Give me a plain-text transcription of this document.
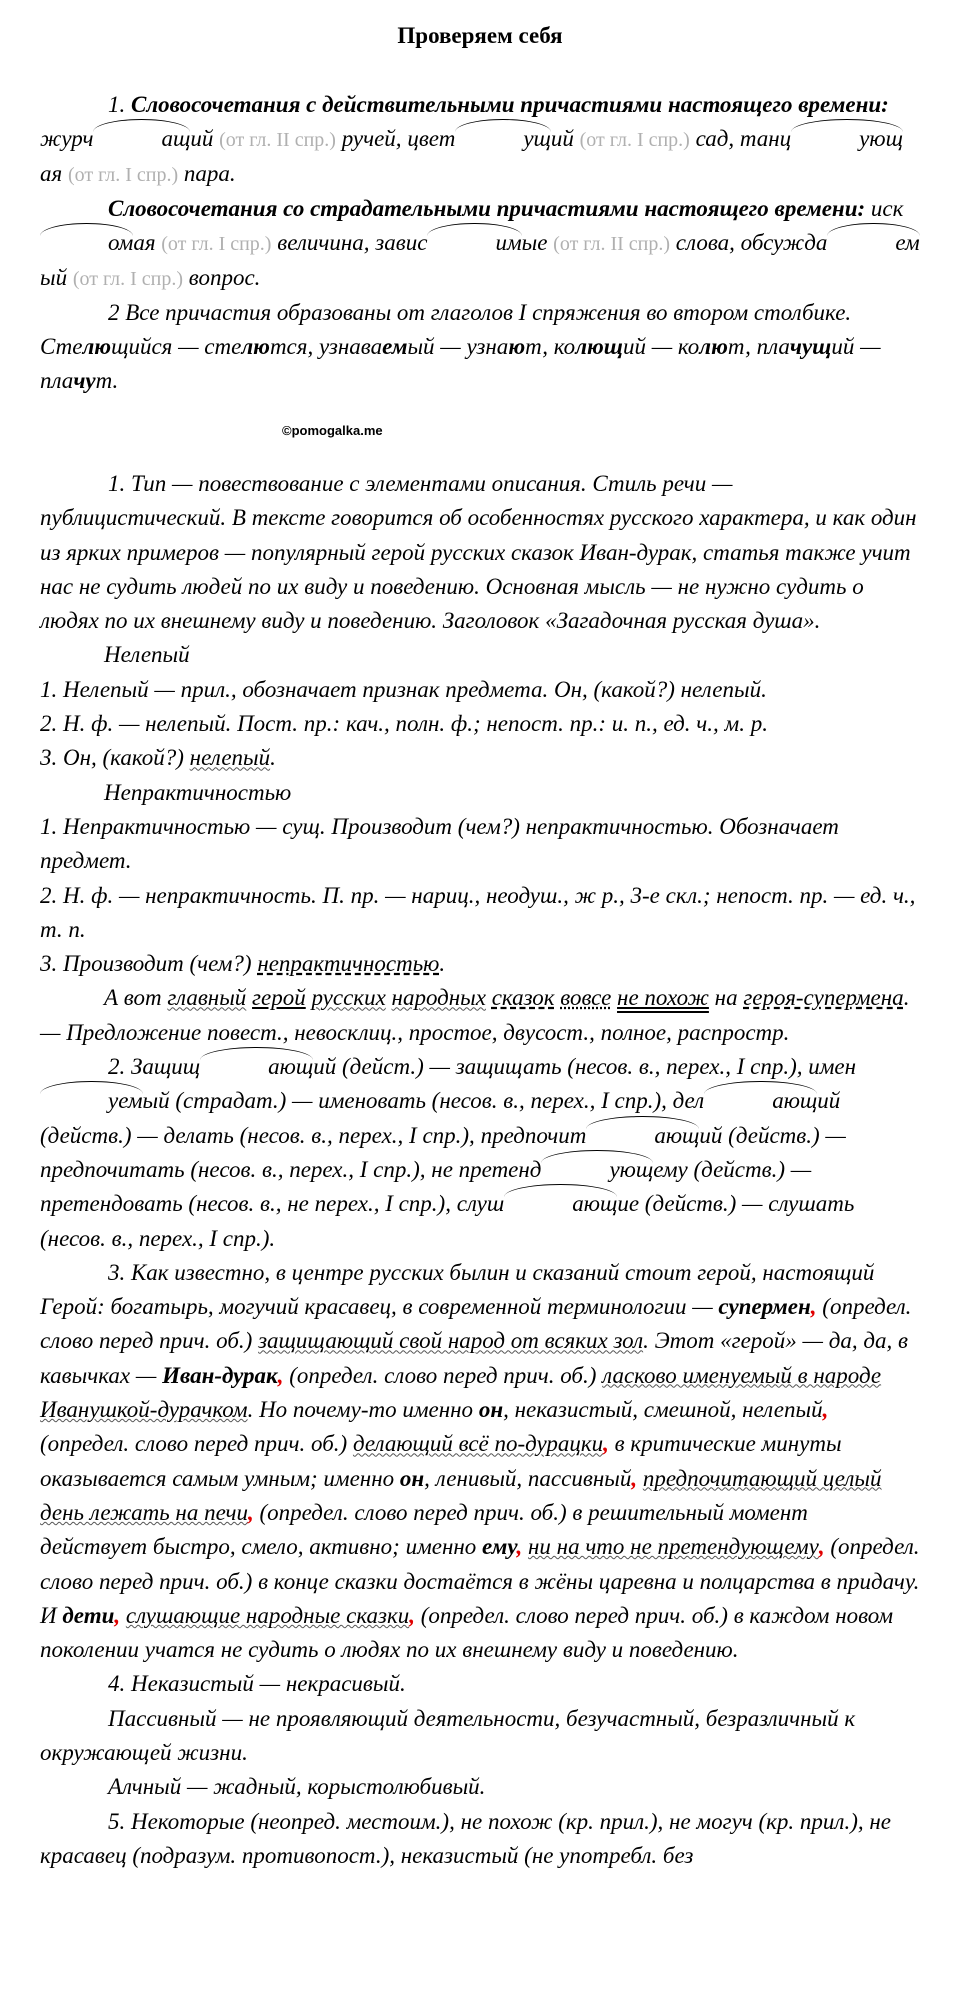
Проверяем себя

1. Словосочетания с действительными причастиями настоящего времени: журч	ащий (от гл. II спр.) ручей, цвет	ущий (от гл. I спр.) сад, танц	ующая (от гл. I спр.) пара.

Словосочетания со страдательными причастиями настоящего времени: искомая (от гл. I спр.) величина, завис	имые (от гл. II спр.) слова, обсужда	емый (от гл. I спр.) вопрос.

2 Все причастия образованы от глаголов I спряжения во втором столбике. Стелющийся — стелются, узнаваемый — узнают, колющий — колют, плачущий — плачут.

©pomogalka.me

1. Тип — повествование с элементами описания. Стиль речи — публицистический. В тексте говорится об особенностях русского характера, и как один из ярких примеров — популярный герой русских сказок Иван-дурак, статья также учит нас не судить людей по их виду и поведению. Основная мысль — не нужно судить о людях по их внешнему виду и поведению. Заголовок «Загадочная русская душа».

Нелепый

1. Нелепый — прил., обозначает признак предмета. Он, (какой?) нелепый.

2. Н. ф. — нелепый. Пост. пр.: кач., полн. ф.; непост. пр.: и. п., ед. ч., м. р.

3. Он, (какой?) нелепый.

Непрактичностью

1. Непрактичностью — сущ. Производит (чем?) непрактичностью. Обозначает предмет.

2. Н. ф. — непрактичность. П. пр. — нариц., неодуш., ж р., 3-е скл.; непост. пр. — ед. ч., т. п.

3. Производит (чем?) непрактичностью.

А вот главный герой русских народных сказок вовсе не похож на героя-супермена. — Предложение повест., невосклиц., простое, двусост., полное, распростр.

2. Защищ	ающий (дейст.) — защищать (несов. в., перех., I спр.), именуемый (страдат.) — именовать (несов. в., перех., I спр.), дел	ающий (действ.) — делать (несов. в., перех., I спр.), предпочит	ающий (действ.) — предпочитать (несов. в., перех., I спр.), не претенд	ующему (действ.) — претендовать (несов. в., не перех., I спр.), слуш	ающие (действ.) — слушать (несов. в., перех., I спр.).

3. Как известно, в центре русских былин и сказаний стоит герой, настоящий Герой: богатырь, могучий красавец, в современной терминологии — супермен, (определ. слово перед прич. об.) защищающий свой народ от всяких зол. Этот «герой» — да, да, в кавычках — Иван-дурак, (определ. слово перед прич. об.) ласково именуемый в народе Иванушкой-дурачком. Но почему-то именно он, неказистый, смешной, нелепый, (определ. слово перед прич. об.) делающий всё по-дурацки, в критические минуты оказывается самым умным; именно он, ленивый, пассивный, предпочитающий целый день лежать на печи, (определ. слово перед прич. об.) в решительный момент действует быстро, смело, активно; именно ему, ни на что не претендующему, (определ. слово перед прич. об.) в конце сказки достаётся в жёны царевна и полцарства в придачу. И дети, слушающие народные сказки, (определ. слово перед прич. об.) в каждом новом поколении учатся не судить о людях по их внешнему виду и поведению.

4. Неказистый — некрасивый.

Пассивный — не проявляющий деятельности, безучастный, безразличный к окружающей жизни.

Алчный — жадный, корыстолюбивый.

5. Некоторые (неопред. местоим.), не похож (кр. прил.), не могуч (кр. прил.), не красавец (подразум. противопост.), неказистый (не употребл. без
